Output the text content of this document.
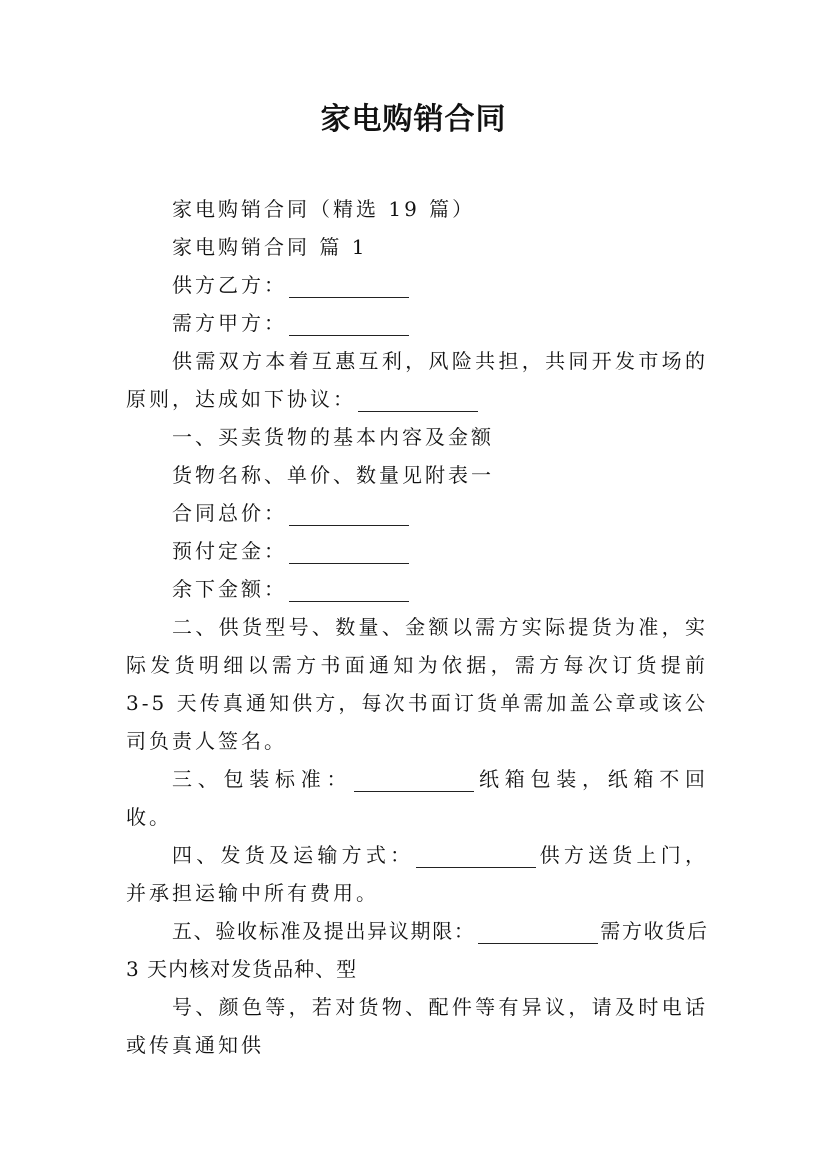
家电购销合同

家电购销合同（精选 19 篇）

家电购销合同 篇 1

供方乙方：

需方甲方：

供需双方本着互惠互利，风险共担，共同开发市场的原则，达成如下协议：

一、买卖货物的基本内容及金额

货物名称、单价、数量见附表一

合同总价：

预付定金：

余下金额：

二、供货型号、数量、金额以需方实际提货为准，实际发货明细以需方书面通知为依据，需方每次订货提前 3-5 天传真通知供方，每次书面订货单需加盖公章或该公司负责人签名。

三、包装标准：	纸箱包装，纸箱不回收。

四、发货及运输方式：	供方送货上门，并承担运输中所有费用。

五、验收标准及提出异议期限：	需方收货后 3 天内核对发货品种、型

号、颜色等，若对货物、配件等有异议，请及时电话或传真通知供
